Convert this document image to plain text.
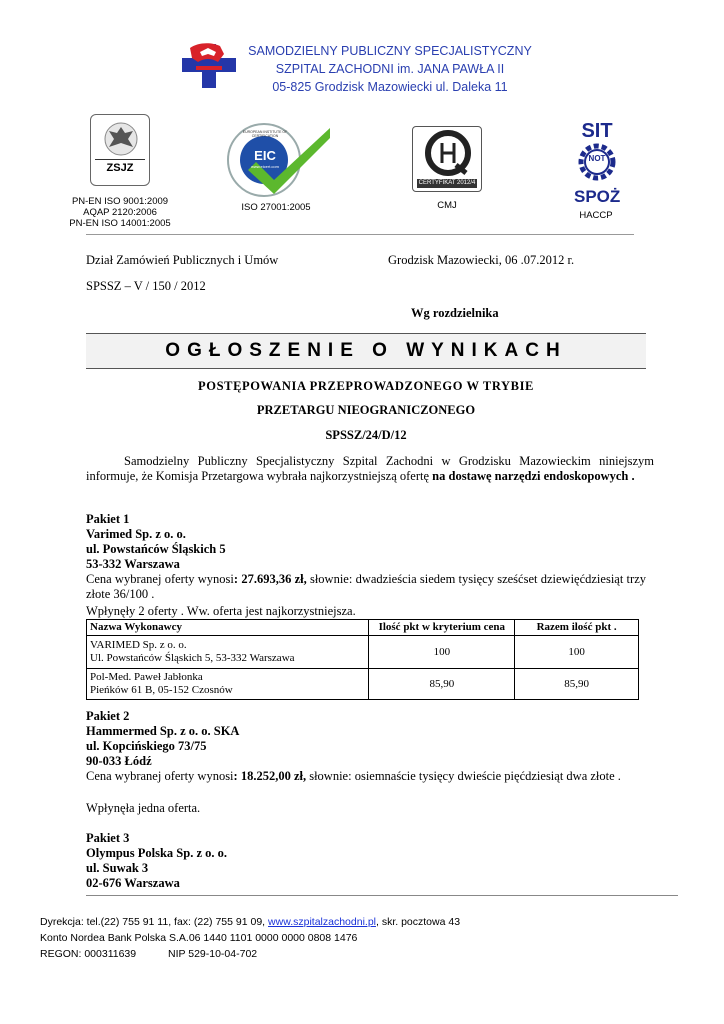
SAMODZIELNY PUBLICZNY SPECJALISTYCZNY
SZPITAL ZACHODNI im. JANA PAWŁA II
05-825 Grodzisk Mazowiecki ul. Daleka 11
ZSJZ
PN-EN ISO 9001:2009
AQAP 2120:2006
PN-EN ISO 14001:2005
EIC
www.eicert.com
EUROPEAN INSTITUTE OF CERTIFICATION
ISO 27001:2005
CERTYFIKAT 2012/4
CMJ
SIT
NOT
SPOŻ
HACCP
Dział Zamówień Publicznych i Umów	Grodzisk Mazowiecki, 06 .07.2012 r.
SPSSZ – V / 150 / 2012
Wg rozdzielnika
OGŁOSZENIE O WYNIKACH
POSTĘPOWANIA PRZEPROWADZONEGO W TRYBIE
PRZETARGU NIEOGRANICZONEGO
SPSSZ/24/D/12
Samodzielny Publiczny Specjalistyczny Szpital Zachodni w Grodzisku Mazowieckim niniejszym informuje, że Komisja Przetargowa wybrała najkorzystniejszą ofertę na dostawę narzędzi endoskopowych .
Pakiet 1
Varimed Sp. z o. o.
ul. Powstańców Śląskich 5
53-332 Warszawa
Cena wybranej oferty wynosi: 27.693,36 zł, słownie: dwadzieścia siedem tysięcy sześćset dziewięćdziesiąt trzy złote 36/100 .
Wpłynęły 2 oferty . Ww. oferta jest najkorzystniejsza.
Nazwa Wykonawcy	Ilość pkt w kryterium cena	Razem ilość pkt .

VARIMED Sp. z o. o.
Ul. Powstańców Śląskich 5, 53-332 Warszawa	100	100

Pol-Med. Paweł Jabłonka
Pieńków 61 B, 05-152 Czosnów	85,90	85,90
Pakiet 2
Hammermed Sp. z o. o. SKA
ul. Kopcińskiego 73/75
90-033 Łódź
Cena wybranej oferty wynosi: 18.252,00 zł, słownie: osiemnaście tysięcy dwieście pięćdziesiąt dwa złote .
Wpłynęła jedna oferta.
Pakiet 3
Olympus Polska Sp. z o. o.
ul. Suwak 3
02-676 Warszawa
Dyrekcja: tel.(22) 755 91 11, fax: (22) 755 91 09, www.szpitalzachodni.pl, skr. pocztowa 43
Konto Nordea Bank Polska S.A.06 1440 1101 0000 0000 0808 1476
REGON: 000311639	NIP 529-10-04-702
